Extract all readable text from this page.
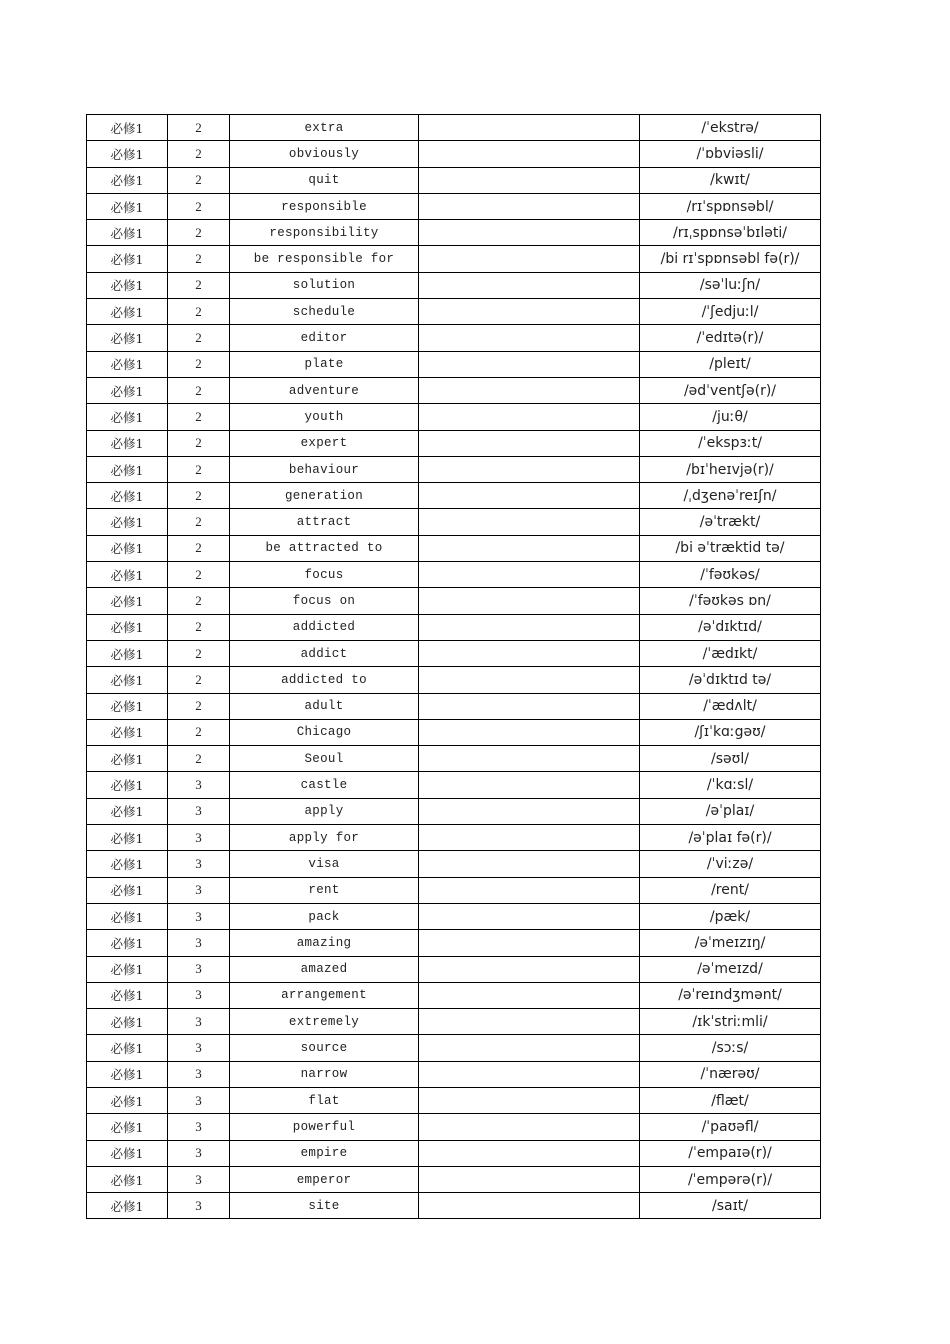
必修1	2	extra		/ˈekstrə/
必修1	2	obviously		/ˈɒbviəsli/
必修1	2	quit		/kwɪt/
必修1	2	responsible		/rɪˈspɒnsəbl/
必修1	2	responsibility		/rɪˌspɒnsəˈbɪləti/
必修1	2	be responsible for		/bi rɪˈspɒnsəbl fə(r)/
必修1	2	solution		/səˈluːʃn/
必修1	2	schedule		/ˈʃedjuːl/
必修1	2	editor		/ˈedɪtə(r)/
必修1	2	plate		/pleɪt/
必修1	2	adventure		/ədˈventʃə(r)/
必修1	2	youth		/juːθ/
必修1	2	expert		/ˈekspɜːt/
必修1	2	behaviour		/bɪˈheɪvjə(r)/
必修1	2	generation		/ˌdʒenəˈreɪʃn/
必修1	2	attract		/əˈtrækt/
必修1	2	be attracted to		/bi əˈtræktid tə/
必修1	2	focus		/ˈfəʊkəs/
必修1	2	focus on		/ˈfəʊkəs ɒn/
必修1	2	addicted		/əˈdɪktɪd/
必修1	2	addict		/ˈædɪkt/
必修1	2	addicted to		/əˈdɪktɪd tə/
必修1	2	adult		/ˈædʌlt/
必修1	2	Chicago		/ʃɪˈkɑːgəʊ/
必修1	2	Seoul		/səʊl/
必修1	3	castle		/ˈkɑːsl/
必修1	3	apply		/əˈplaɪ/
必修1	3	apply for		/əˈplaɪ fə(r)/
必修1	3	visa		/ˈviːzə/
必修1	3	rent		/rent/
必修1	3	pack		/pæk/
必修1	3	amazing		/əˈmeɪzɪŋ/
必修1	3	amazed		/əˈmeɪzd/
必修1	3	arrangement		/əˈreɪndʒmənt/
必修1	3	extremely		/ɪkˈstriːmli/
必修1	3	source		/sɔːs/
必修1	3	narrow		/ˈnærəʊ/
必修1	3	flat		/flæt/
必修1	3	powerful		/ˈpaʊəfl/
必修1	3	empire		/ˈempaɪə(r)/
必修1	3	emperor		/ˈempərə(r)/
必修1	3	site		/saɪt/
